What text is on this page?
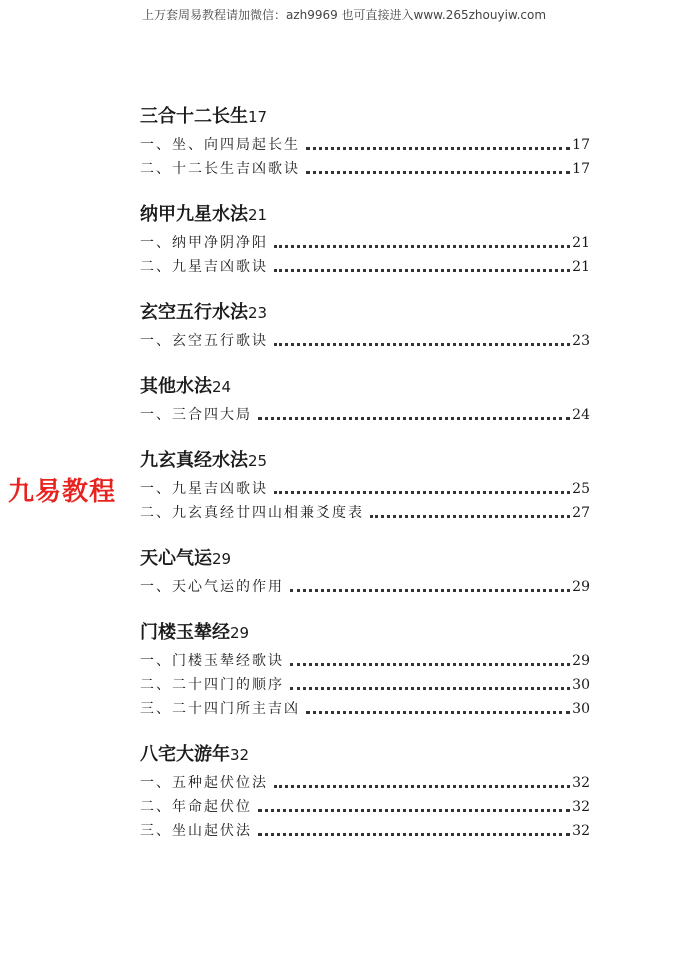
上万套周易教程请加微信：azh9969 也可直接进入www.265zhouyiw.com
九易教程
三合十二长生17
一、坐、向四局起长生	17
二、十二长生吉凶歌诀	17
纳甲九星水法21
一、纳甲净阴净阳	21
二、九星吉凶歌诀	21
玄空五行水法23
一、玄空五行歌诀	23
其他水法24
一、三合四大局	24
九玄真经水法25
一、九星吉凶歌诀	25
二、九玄真经廿四山相兼爻度表	27
天心气运29
一、天心气运的作用	29
门楼玉辇经29
一、门楼玉辇经歌诀	29
二、二十四门的顺序	30
三、二十四门所主吉凶	30
八宅大游年32
一、五种起伏位法	32
二、年命起伏位	32
三、坐山起伏法	32
